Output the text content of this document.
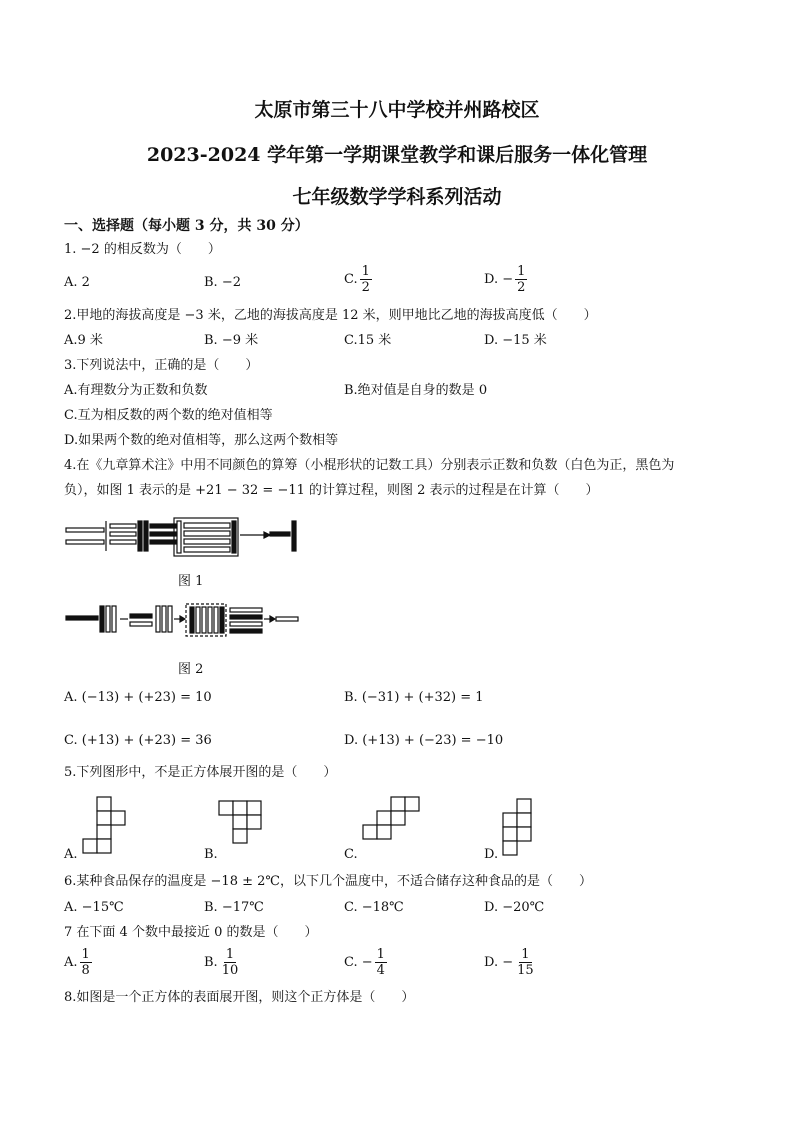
太原市第三十八中学校并州路校区
2023-2024 学年第一学期课堂教学和课后服务一体化管理
七年级数学学科系列活动
一、选择题（每小题 3 分，共 30 分）
1. −2 的相反数为（　　）
A. 2	B. −2	C. $\frac{1}{2}$	D. − $\frac{1}{2}$
2.甲地的海拔高度是 −3 米，乙地的海拔高度是 12 米，则甲地比乙地的海拔高度低（　　）
A.9 米	B. −9 米	C.15 米	D. −15 米
3.下列说法中，正确的是（　　）
A.有理数分为正数和负数	B.绝对值是自身的数是 0
C.互为相反数的两个数的绝对值相等
D.如果两个数的绝对值相等，那么这两个数相等
4.在《九章算术注》中用不同颜色的算筹（小棍形状的记数工具）分别表示正数和负数（白色为正，黑色为
负），如图 1 表示的是 +21 − 32 = −11 的计算过程，则图 2 表示的过程是在计算（　　）
图 1
图 2
A. (−13) + (+23) = 10	B. (−31) + (+32) = 1
C. (+13) + (+23) = 36	D. (+13) + (−23) = −10
5.下列图形中，不是正方体展开图的是（　　）
A.	B.	C.	D.
6.某种食品保存的温度是 −18 ± 2℃，以下几个温度中，不适合储存这种食品的是（　　）
A. −15℃	B. −17℃	C. −18℃	D. −20℃
7 在下面 4 个数中最接近 0 的数是（　　）
A. $\frac{1}{8}$	B. $\frac{1}{10}$	C. − $\frac{1}{4}$	D. − $\frac{1}{15}$
8.如图是一个正方体的表面展开图，则这个正方体是（　　）
